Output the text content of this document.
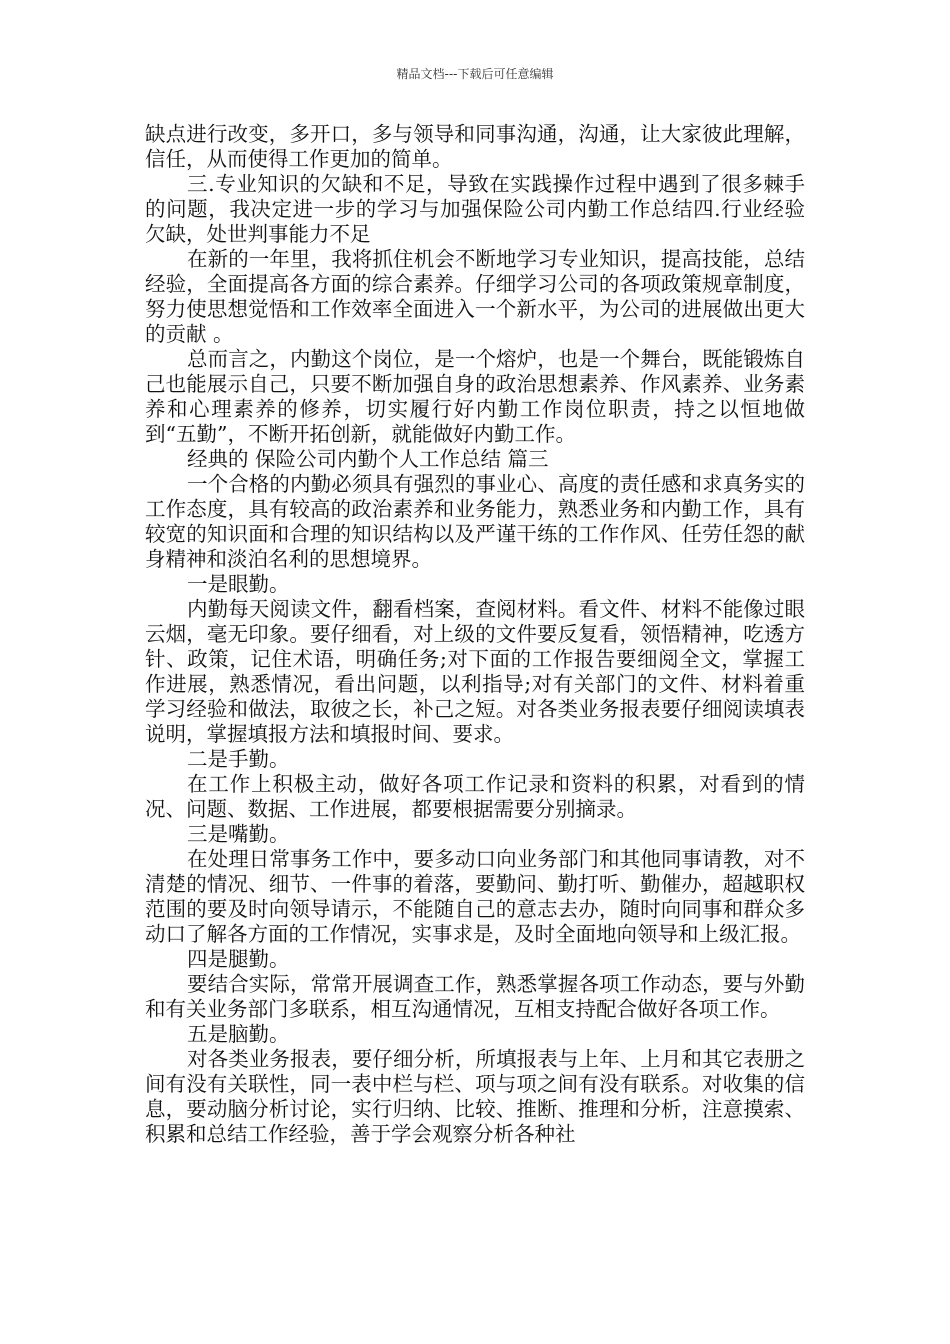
精品文档---下载后可任意编辑

缺点进行改变，多开口，多与领导和同事沟通，沟通，让大家彼此理解，信任，从而使得工作更加的简单。

三.专业知识的欠缺和不足，导致在实践操作过程中遇到了很多棘手的问题，我决定进一步的学习与加强保险公司内勤工作总结四.行业经验欠缺，处世判事能力不足

在新的一年里，我将抓住机会不断地学习专业知识，提高技能，总结经验，全面提高各方面的综合素养。仔细学习公司的各项政策规章制度，努力使思想觉悟和工作效率全面进入一个新水平，为公司的进展做出更大的贡献 。

总而言之，内勤这个岗位，是一个熔炉，也是一个舞台，既能锻炼自己也能展示自己，只要不断加强自身的政治思想素养、作风素养、业务素养和心理素养的修养，切实履行好内勤工作岗位职责，持之以恒地做到“五勤”，不断开拓创新，就能做好内勤工作。

经典的 保险公司内勤个人工作总结 篇三

一个合格的内勤必须具有强烈的事业心、高度的责任感和求真务实的工作态度，具有较高的政治素养和业务能力，熟悉业务和内勤工作，具有较宽的知识面和合理的知识结构以及严谨干练的工作作风、任劳任怨的献身精神和淡泊名利的思想境界。

一是眼勤。

内勤每天阅读文件，翻看档案，查阅材料。看文件、材料不能像过眼云烟，毫无印象。要仔细看，对上级的文件要反复看，领悟精神，吃透方针、政策，记住术语，明确任务;对下面的工作报告要细阅全文，掌握工作进展，熟悉情况，看出问题，以利指导;对有关部门的文件、材料着重学习经验和做法，取彼之长，补己之短。对各类业务报表要仔细阅读填表说明，掌握填报方法和填报时间、要求。

二是手勤。

在工作上积极主动，做好各项工作记录和资料的积累，对看到的情况、问题、数据、工作进展，都要根据需要分别摘录。

三是嘴勤。

在处理日常事务工作中，要多动口向业务部门和其他同事请教，对不清楚的情况、细节、一件事的着落，要勤问、勤打听、勤催办，超越职权范围的要及时向领导请示，不能随自己的意志去办，随时向同事和群众多动口了解各方面的工作情况，实事求是，及时全面地向领导和上级汇报。

四是腿勤。

要结合实际，常常开展调查工作，熟悉掌握各项工作动态，要与外勤和有关业务部门多联系，相互沟通情况，互相支持配合做好各项工作。

五是脑勤。

对各类业务报表，要仔细分析，所填报表与上年、上月和其它表册之间有没有关联性，同一表中栏与栏、项与项之间有没有联系。对收集的信息，要动脑分析讨论，实行归纳、比较、推断、推理和分析，注意摸索、积累和总结工作经验，善于学会观察分析各种社
